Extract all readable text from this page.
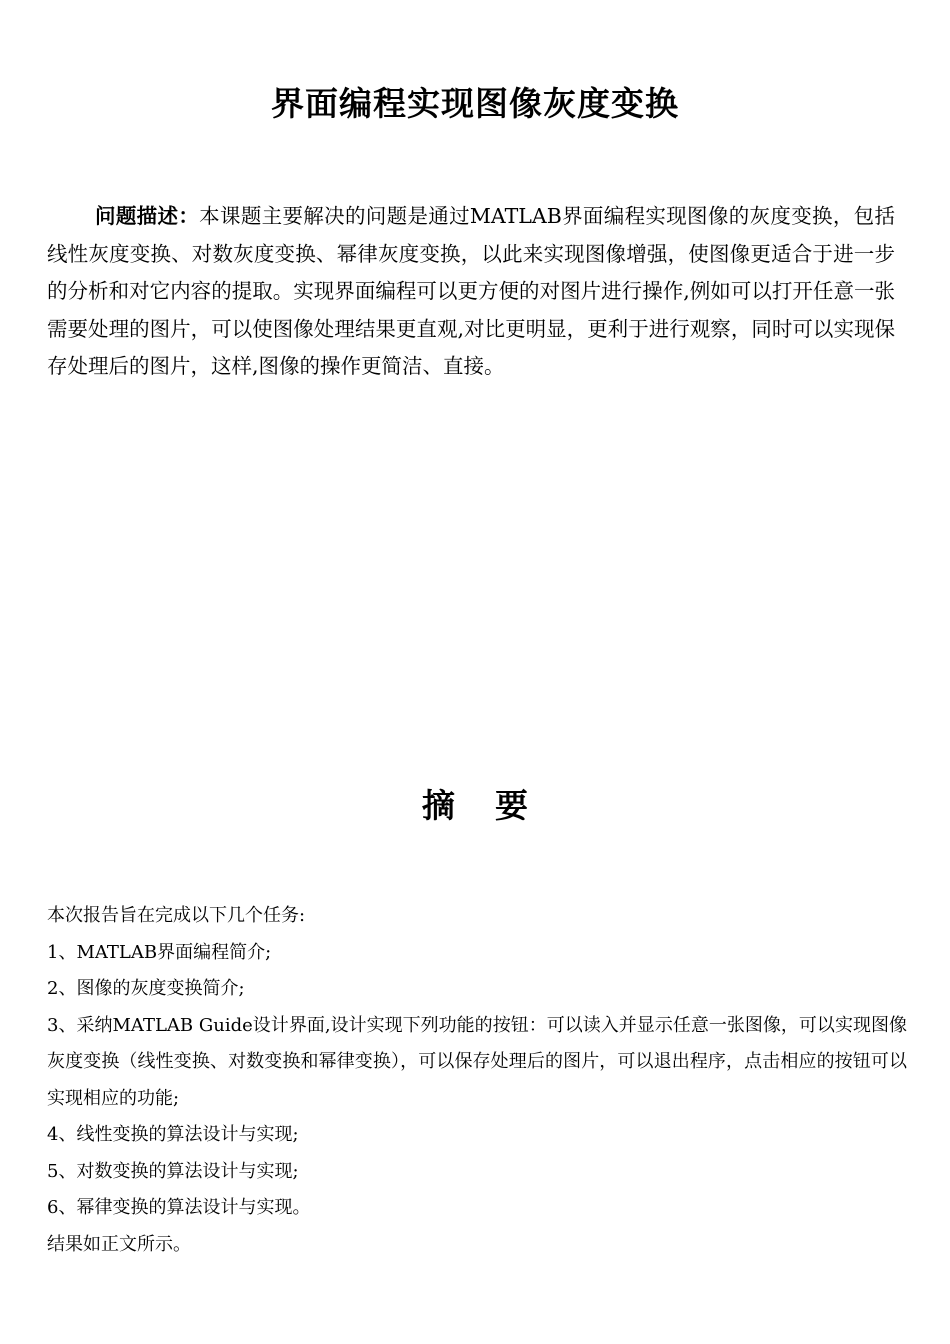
界面编程实现图像灰度变换

问题描述：本课题主要解决的问题是通过MATLAB界面编程实现图像的灰度变换，包括线性灰度变换、对数灰度变换、幂律灰度变换，以此来实现图像增强，使图像更适合于进一步的分析和对它内容的提取。实现界面编程可以更方便的对图片进行操作,例如可以打开任意一张需要处理的图片，可以使图像处理结果更直观,对比更明显，更利于进行观察，同时可以实现保存处理后的图片，这样,图像的操作更简洁、直接。

摘 要

本次报告旨在完成以下几个任务:

1、MATLAB界面编程简介;

2、图像的灰度变换简介;

3、采纳MATLAB Guide设计界面,设计实现下列功能的按钮：可以读入并显示任意一张图像，可以实现图像灰度变换（线性变换、对数变换和幂律变换），可以保存处理后的图片，可以退出程序，点击相应的按钮可以实现相应的功能;

4、线性变换的算法设计与实现;

5、对数变换的算法设计与实现;

6、幂律变换的算法设计与实现。

结果如正文所示。
